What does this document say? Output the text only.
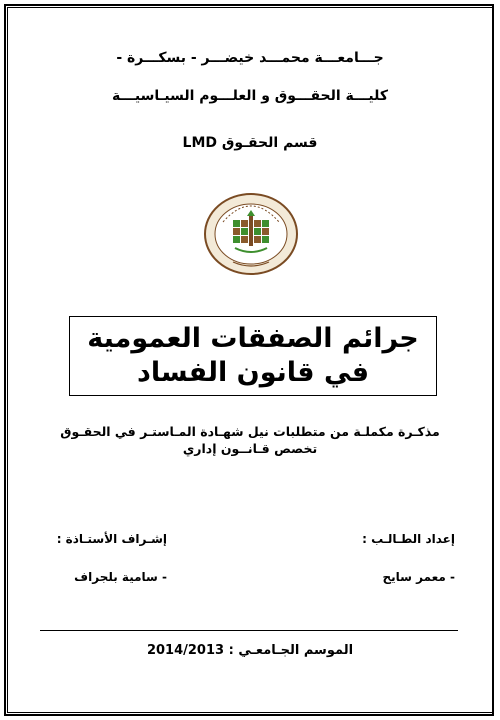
جـــامعـــة محمـــد خيضـــر - بسكـــرة -
كليـــة الحقـــوق و العلـــوم السيـاسيـــة
قسم الحقـوق LMD
جرائم الصفقات العمومية
في قانون الفساد
مذكـرة مكملـة من متطلبات نيل شهـادة المـاستـر في الحقـوق
تخصص قـانــون إداري
إعداد الطـالـب :
- معمر سايح
إشـراف الأستـاذة :
- سامية بلجراف
الموسم الجـامعـي : 2014/2013
